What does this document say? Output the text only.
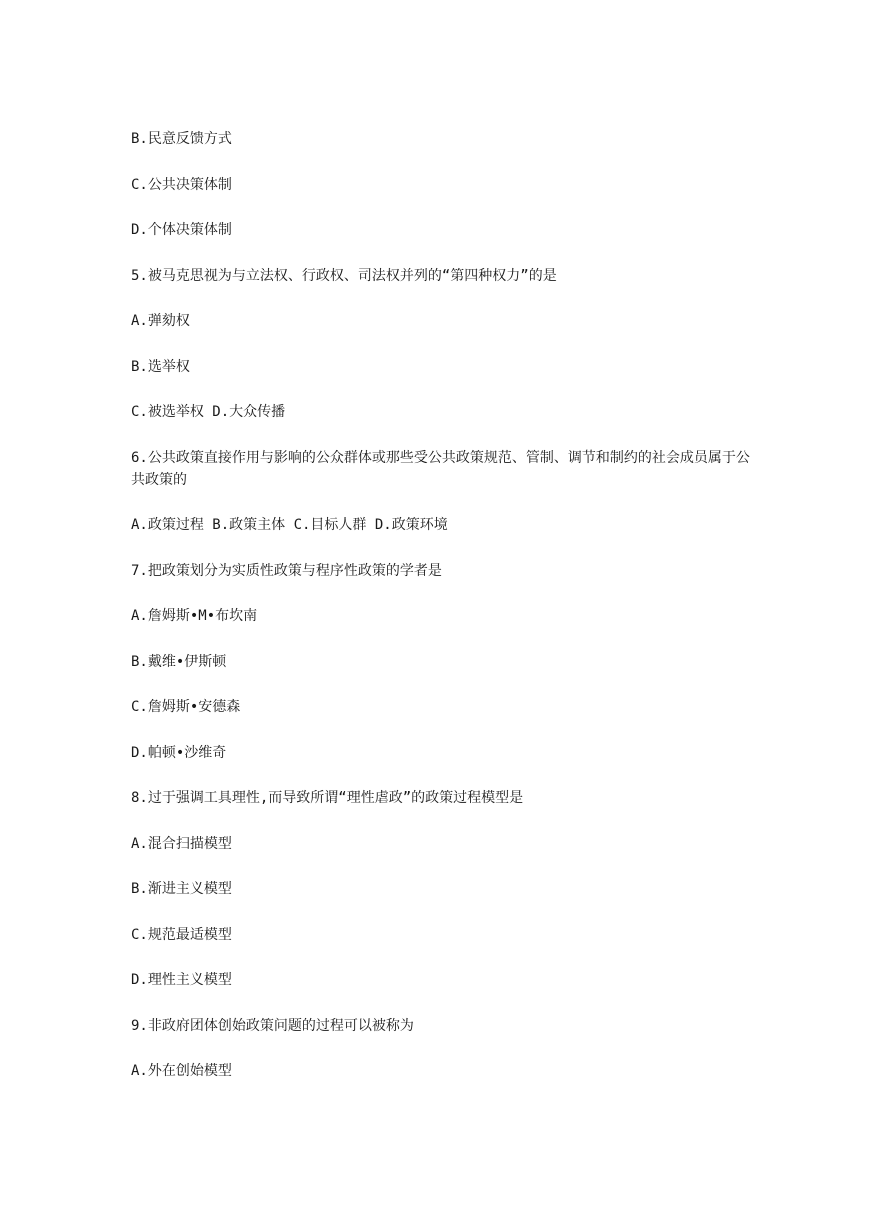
B.民意反馈方式
C.公共决策体制
D.个体决策体制
5.被马克思视为与立法权、行政权、司法权并列的“第四种权力”的是
A.弹劾权
B.选举权
C.被选举权 D.大众传播
6.公共政策直接作用与影响的公众群体或那些受公共政策规范、管制、调节和制约的社会成员属于公共政策的
A.政策过程 B.政策主体 C.目标人群 D.政策环境
7.把政策划分为实质性政策与程序性政策的学者是
A.詹姆斯•M•布坎南
B.戴维•伊斯顿
C.詹姆斯•安德森
D.帕顿•沙维奇
8.过于强调工具理性,而导致所谓“理性虐政”的政策过程模型是
A.混合扫描模型
B.渐进主义模型
C.规范最适模型
D.理性主义模型
9.非政府团体创始政策问题的过程可以被称为
A.外在创始模型
